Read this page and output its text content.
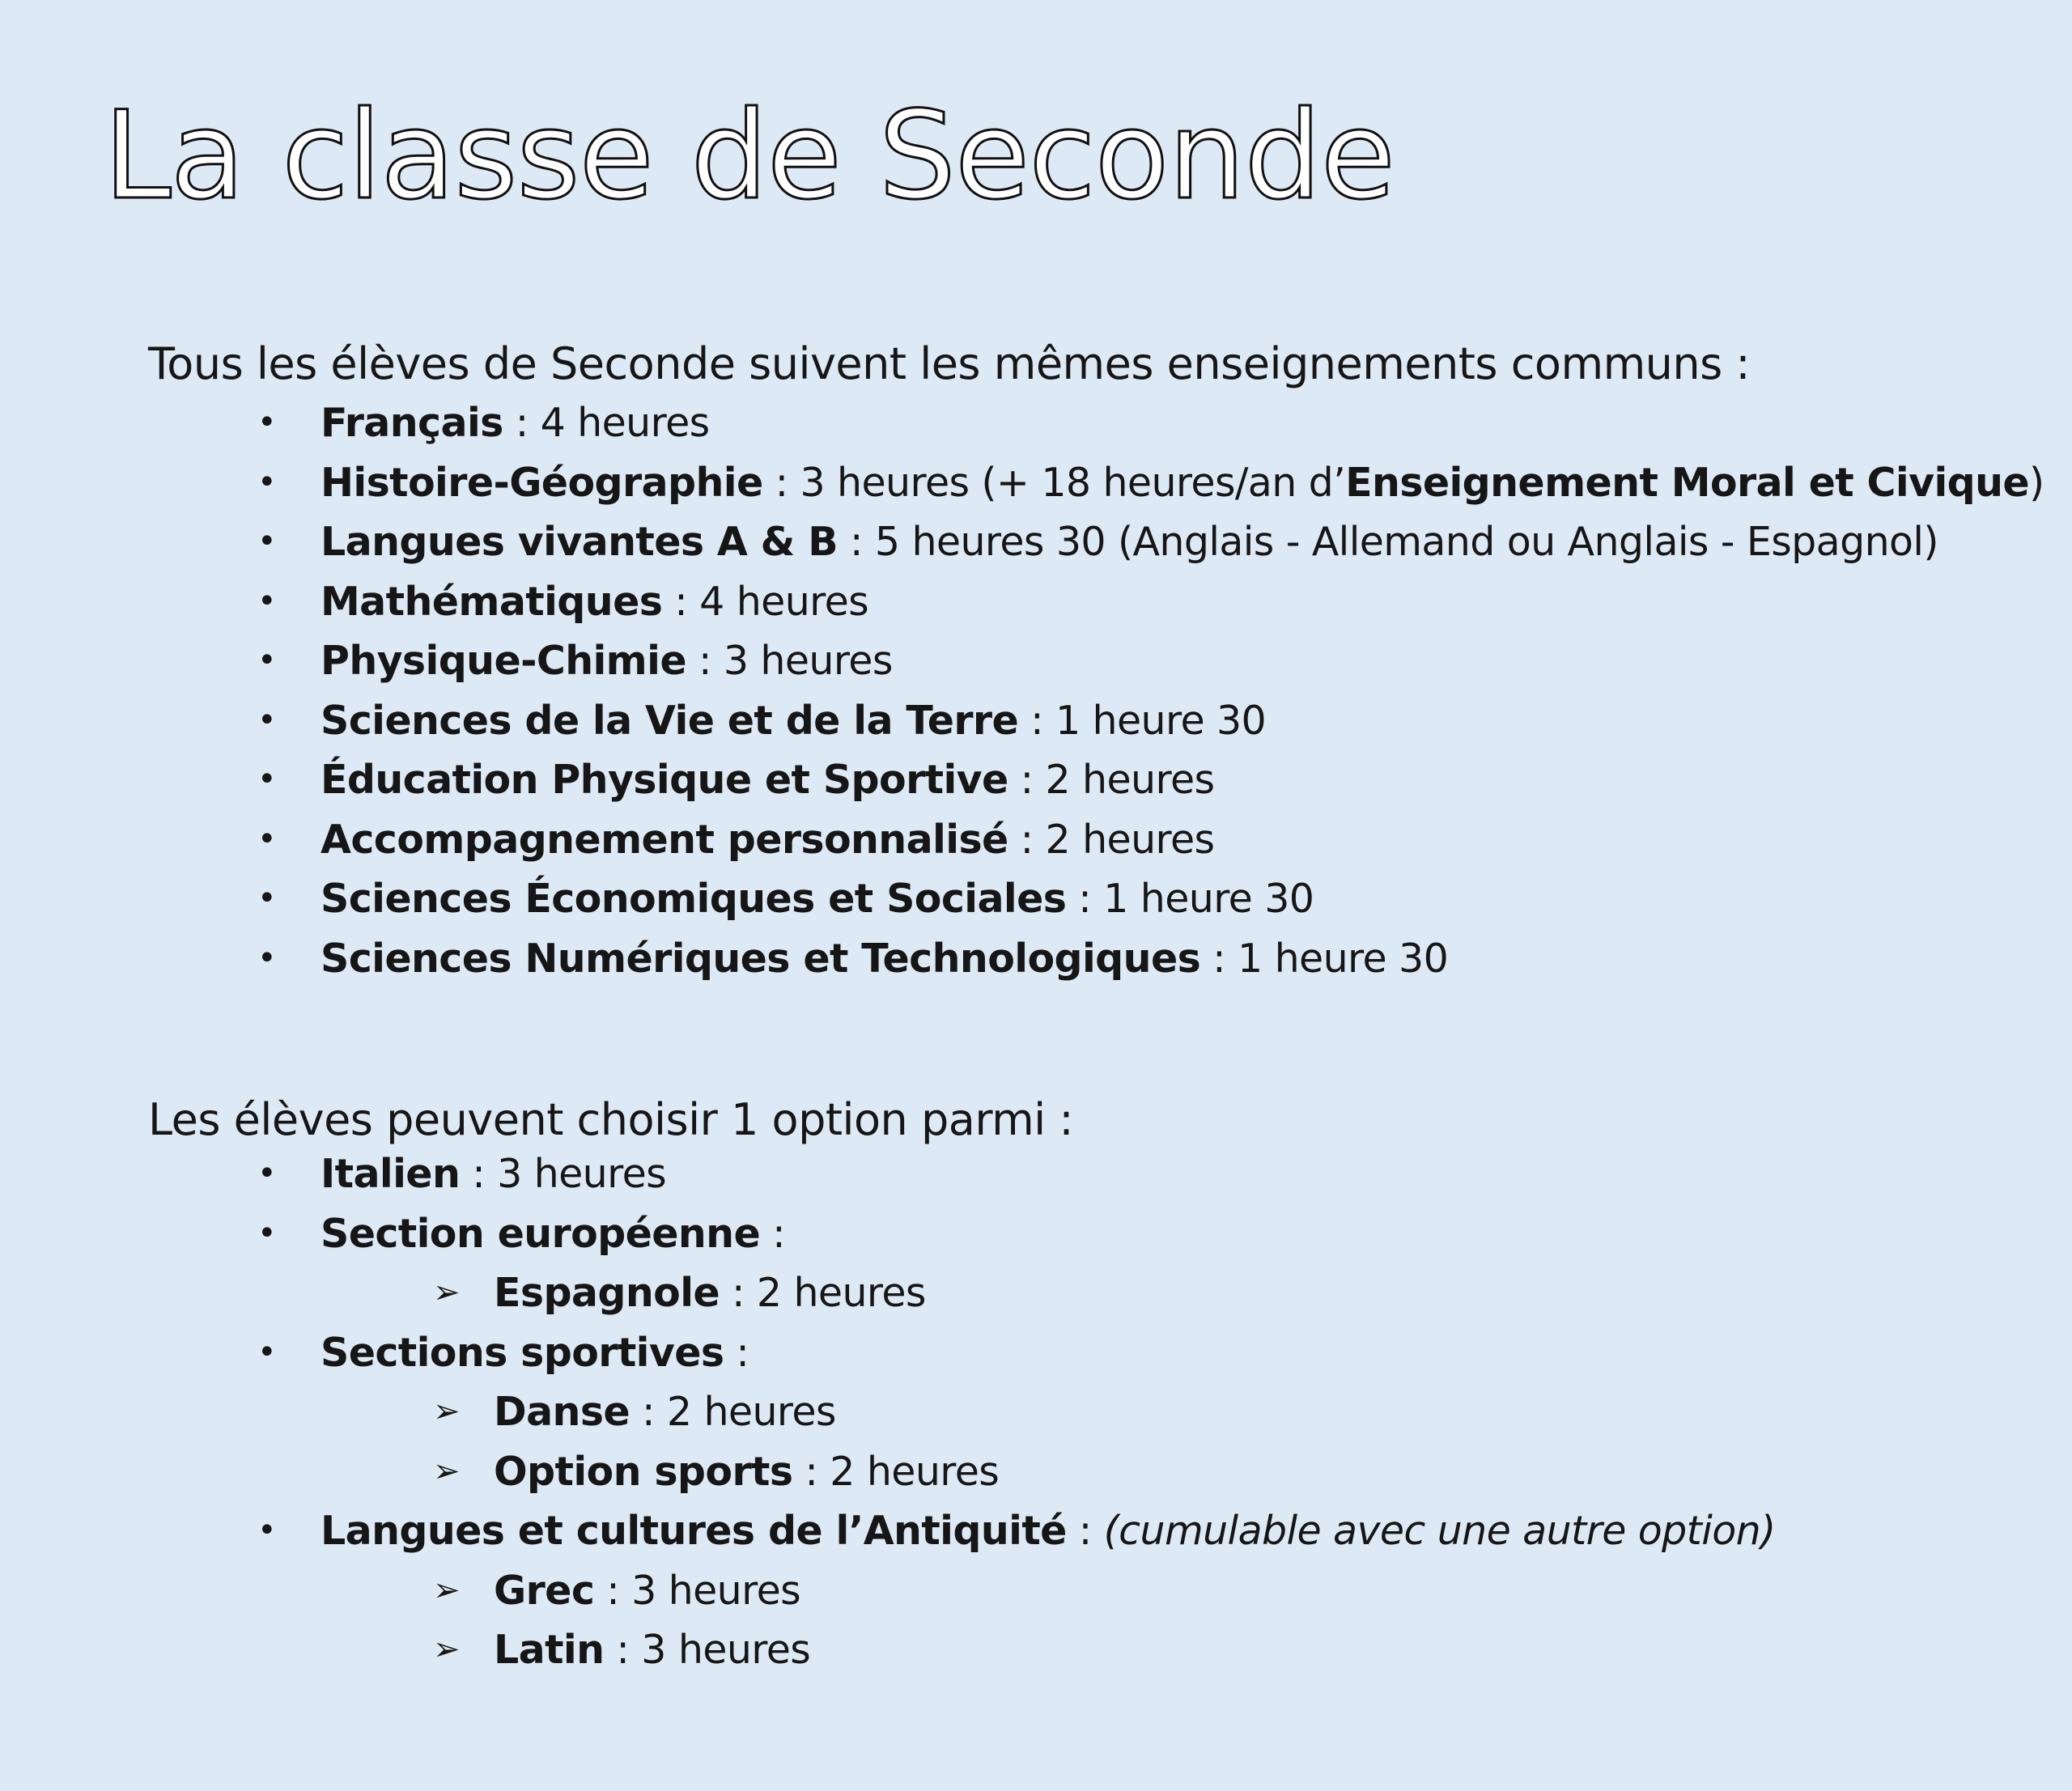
La classe de Seconde

Tous les élèves de Seconde suivent les mêmes enseignements communs :

• Français : 4 heures
• Histoire-Géographie : 3 heures (+ 18 heures/an d’Enseignement Moral et Civique)
• Langues vivantes A & B : 5 heures 30 (Anglais - Allemand ou Anglais - Espagnol)
• Mathématiques : 4 heures
• Physique-Chimie : 3 heures
• Sciences de la Vie et de la Terre : 1 heure 30
• Éducation Physique et Sportive : 2 heures
• Accompagnement personnalisé : 2 heures
• Sciences Économiques et Sociales : 1 heure 30
• Sciences Numériques et Technologiques : 1 heure 30

Les élèves peuvent choisir 1 option parmi :

• Italien : 3 heures
• Section européenne :
➢ Espagnole : 2 heures
• Sections sportives :
➢ Danse : 2 heures
➢ Option sports : 2 heures
• Langues et cultures de l’Antiquité : (cumulable avec une autre option)
➢ Grec : 3 heures
➢ Latin : 3 heures
